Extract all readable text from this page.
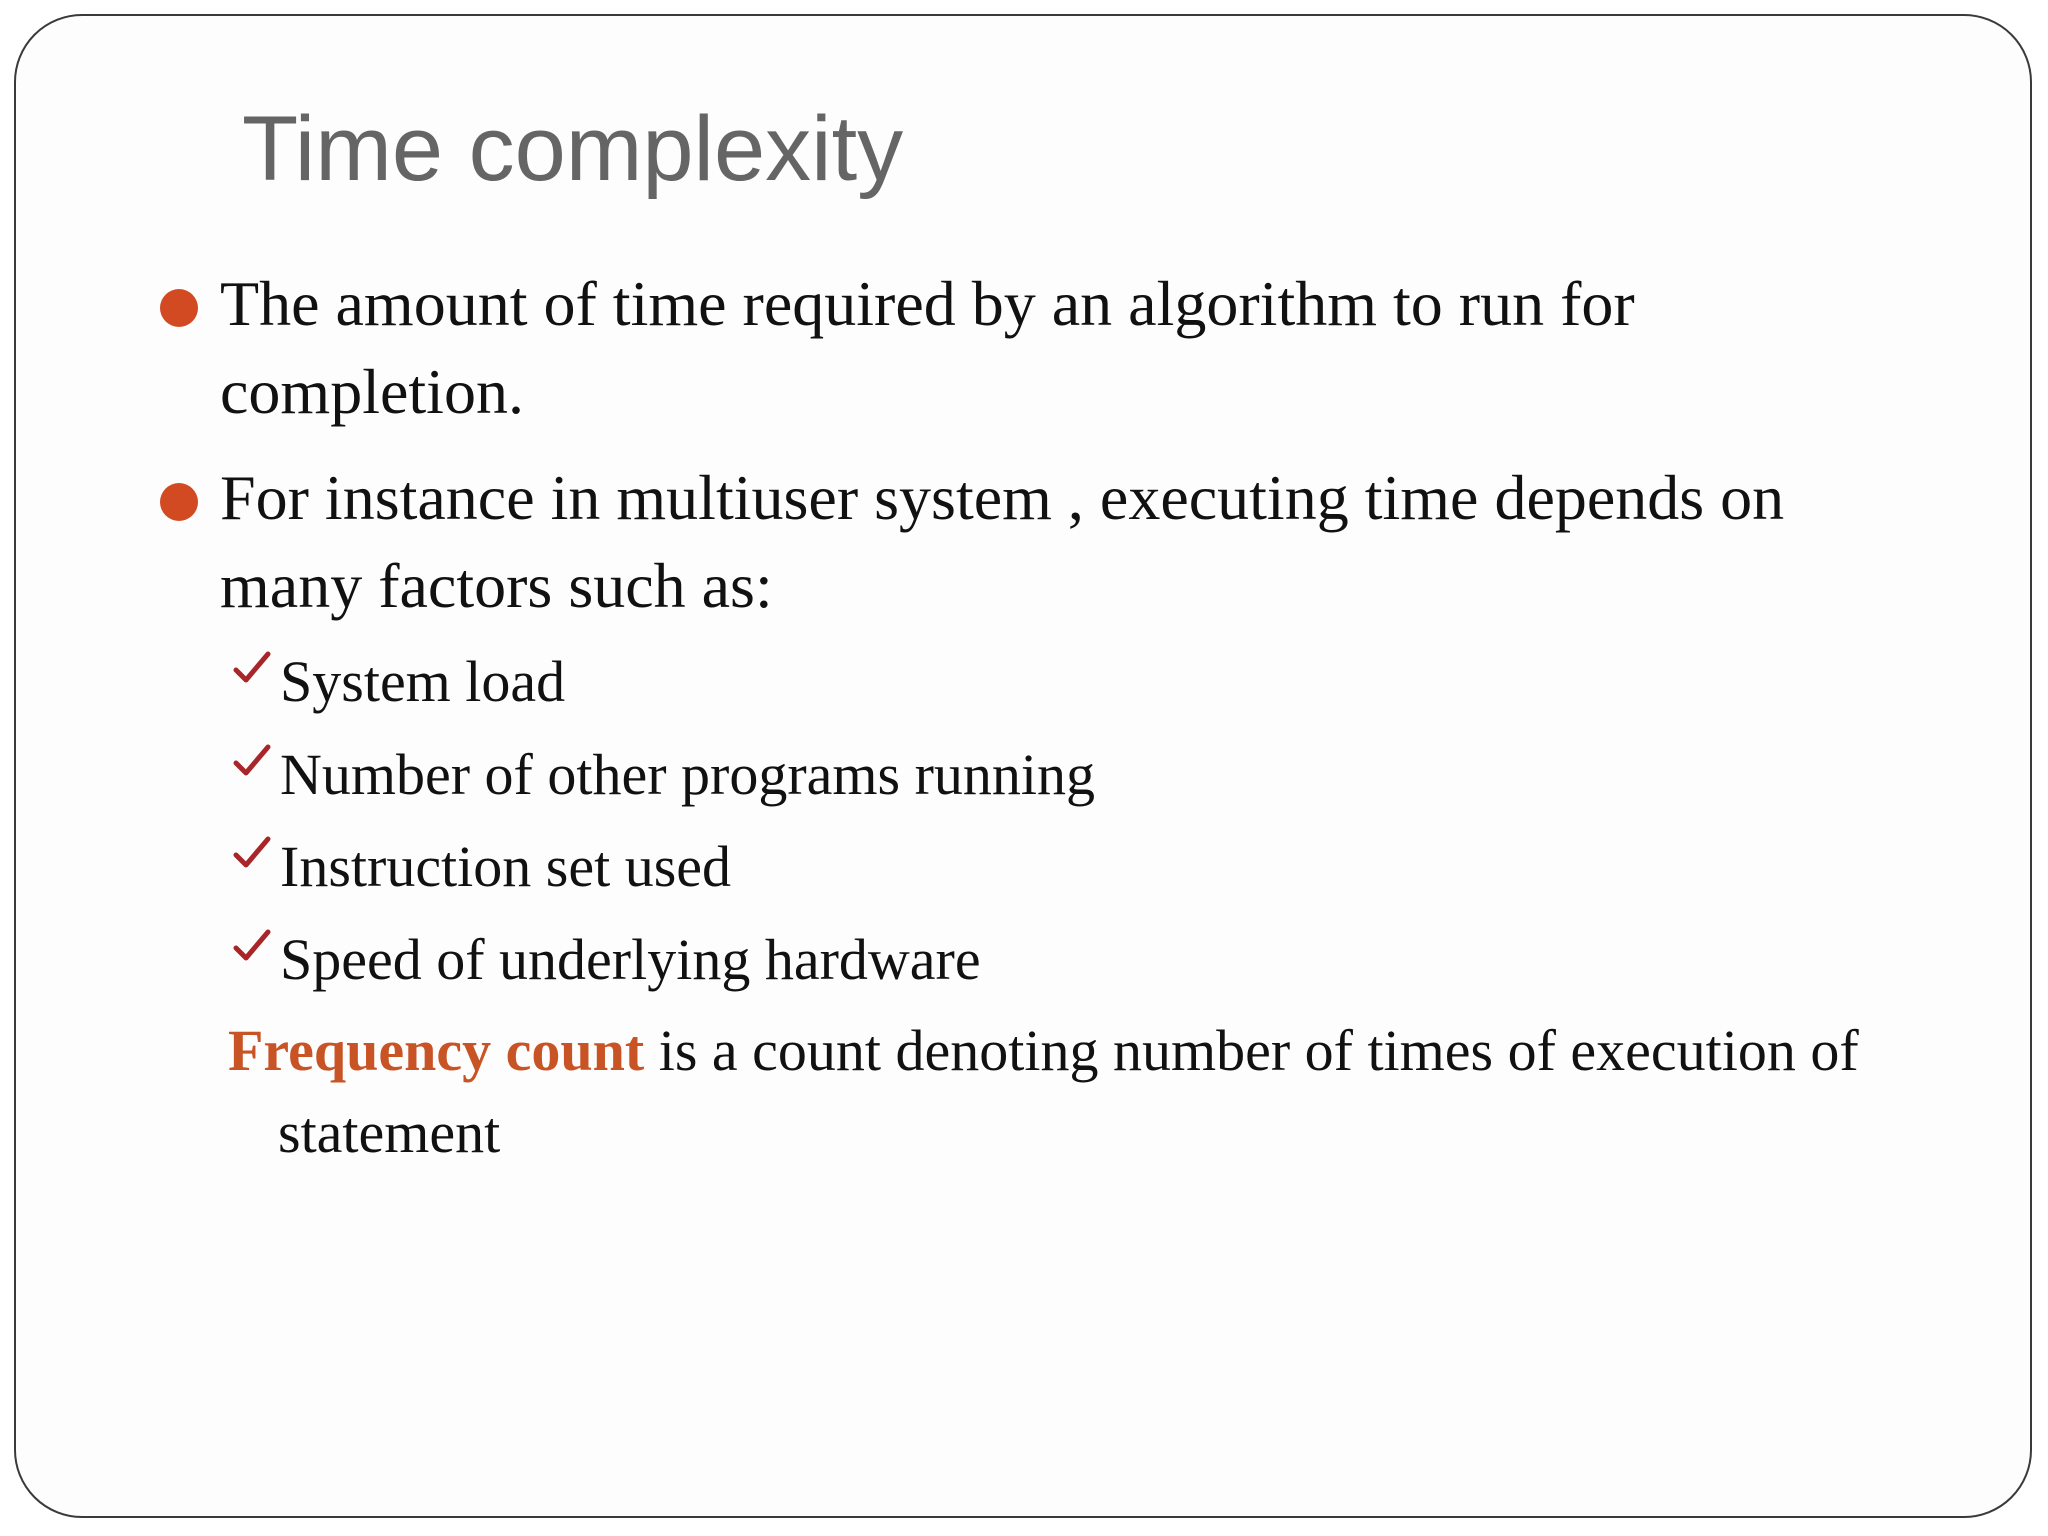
Time complexity
The amount of time required by an algorithm to run for completion.
For instance in multiuser system , executing time depends on many factors such as:
System load
Number of other programs running
Instruction set used
Speed of underlying hardware
Frequency count is a count denoting number of times of execution of statement
